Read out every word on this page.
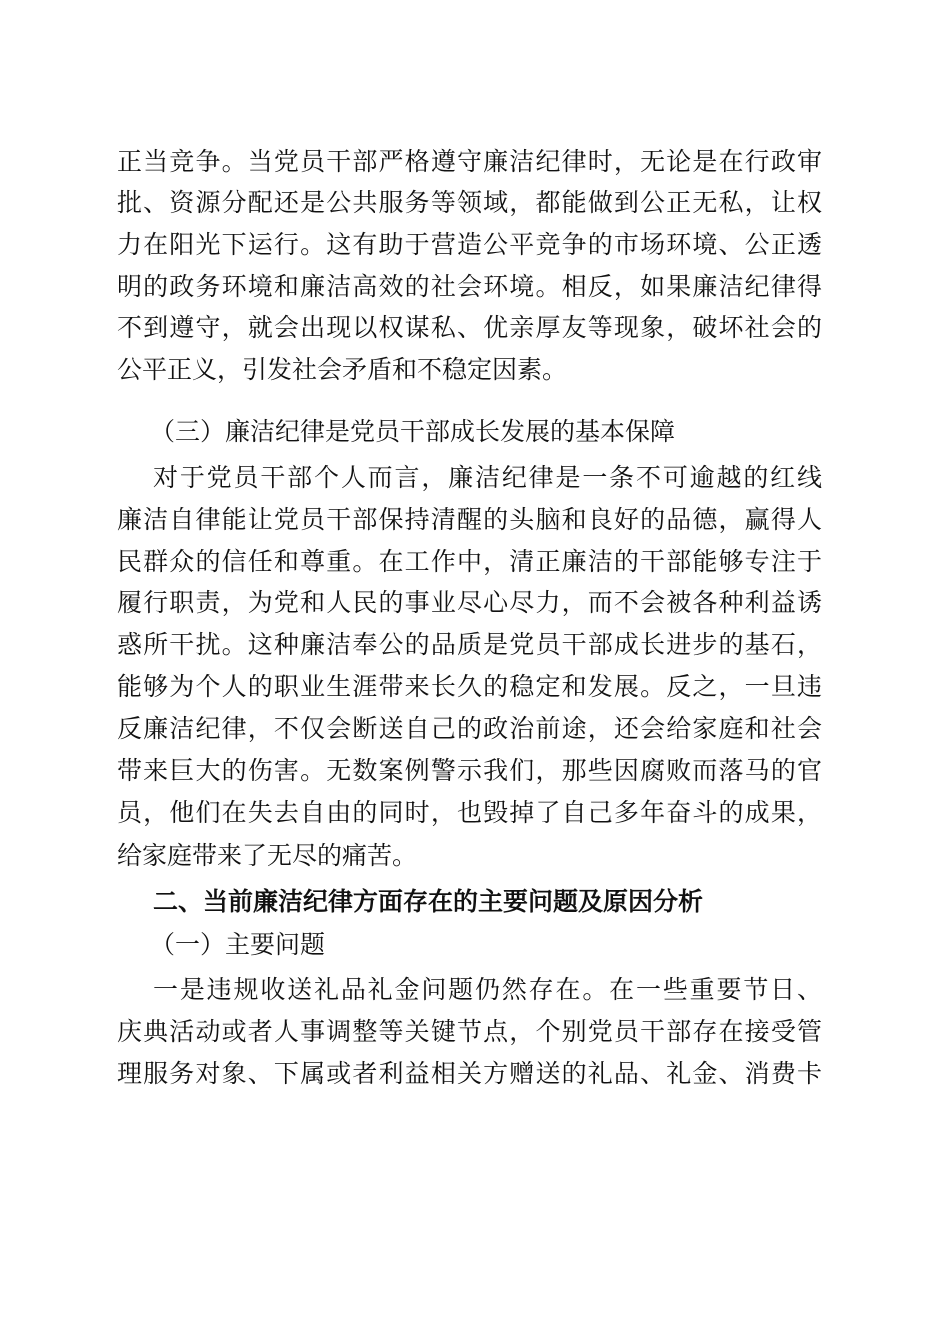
正当竞争。当党员干部严格遵守廉洁纪律时，无论是在行政审
批、资源分配还是公共服务等领域，都能做到公正无私，让权
力在阳光下运行。这有助于营造公平竞争的市场环境、公正透
明的政务环境和廉洁高效的社会环境。相反，如果廉洁纪律得
不到遵守，就会出现以权谋私、优亲厚友等现象，破坏社会的
公平正义，引发社会矛盾和不稳定因素。
（三）廉洁纪律是党员干部成长发展的基本保障
对于党员干部个人而言，廉洁纪律是一条不可逾越的红线
廉洁自律能让党员干部保持清醒的头脑和良好的品德，赢得人
民群众的信任和尊重。在工作中，清正廉洁的干部能够专注于
履行职责，为党和人民的事业尽心尽力，而不会被各种利益诱
惑所干扰。这种廉洁奉公的品质是党员干部成长进步的基石，
能够为个人的职业生涯带来长久的稳定和发展。反之，一旦违
反廉洁纪律，不仅会断送自己的政治前途，还会给家庭和社会
带来巨大的伤害。无数案例警示我们，那些因腐败而落马的官
员，他们在失去自由的同时，也毁掉了自己多年奋斗的成果，
给家庭带来了无尽的痛苦。
二、当前廉洁纪律方面存在的主要问题及原因分析
（一）主要问题
一是违规收送礼品礼金问题仍然存在。在一些重要节日、
庆典活动或者人事调整等关键节点，个别党员干部存在接受管
理服务对象、下属或者利益相关方赠送的礼品、礼金、消费卡
